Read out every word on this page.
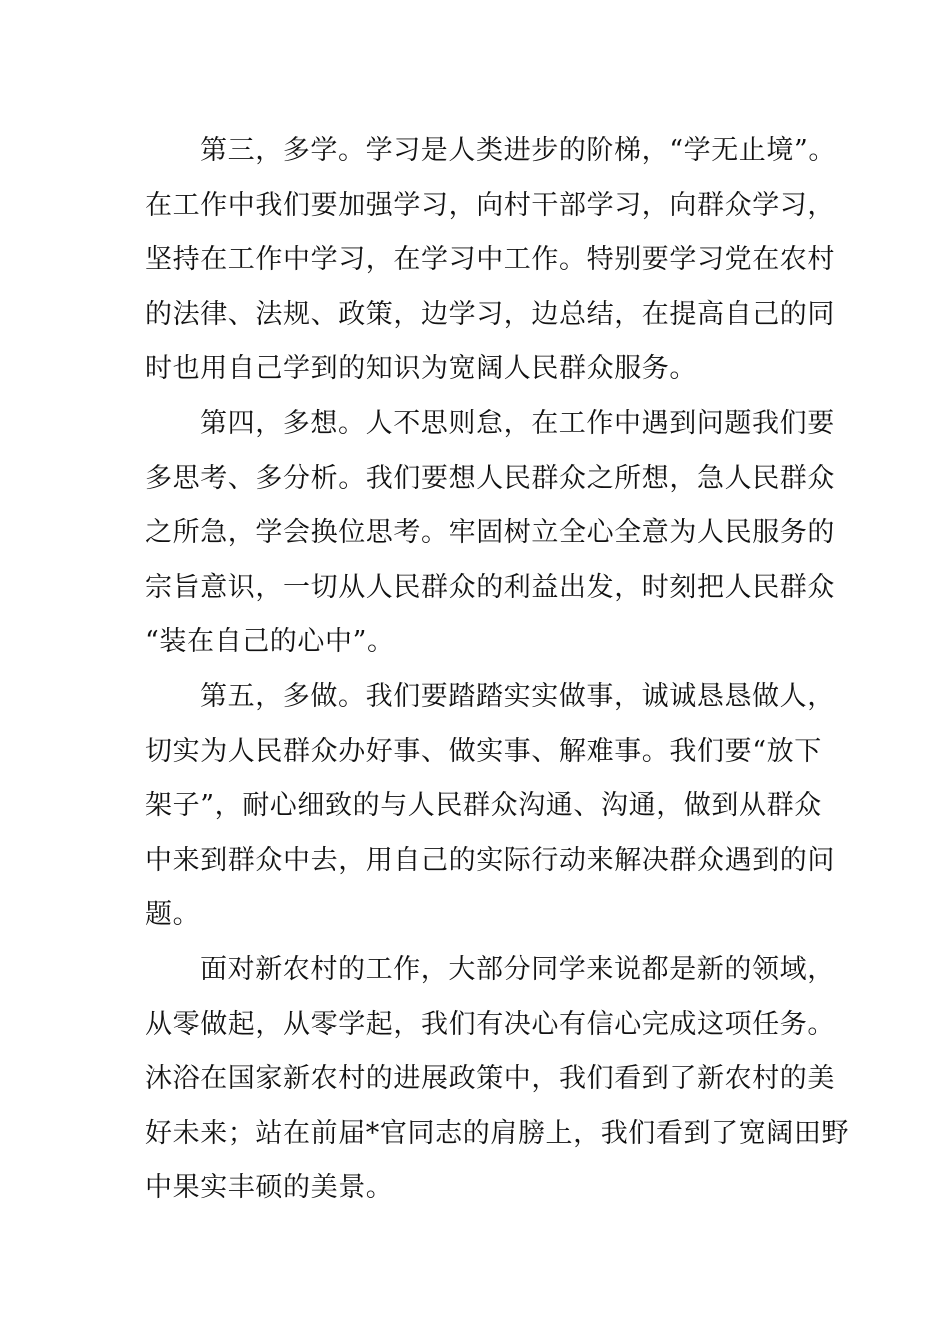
第三，多学。学习是人类进步的阶梯，“学无止境”。
在工作中我们要加强学习，向村干部学习，向群众学习，
坚持在工作中学习，在学习中工作。特别要学习党在农村
的法律、法规、政策，边学习，边总结，在提高自己的同
时也用自己学到的知识为宽阔人民群众服务。
第四，多想。人不思则怠，在工作中遇到问题我们要
多思考、多分析。我们要想人民群众之所想，急人民群众
之所急，学会换位思考。牢固树立全心全意为人民服务的
宗旨意识，一切从人民群众的利益出发，时刻把人民群众
“装在自己的心中”。
第五，多做。我们要踏踏实实做事，诚诚恳恳做人，
切实为人民群众办好事、做实事、解难事。我们要“放下
架子”，耐心细致的与人民群众沟通、沟通，做到从群众
中来到群众中去，用自己的实际行动来解决群众遇到的问
题。
面对新农村的工作，大部分同学来说都是新的领域，
从零做起，从零学起，我们有决心有信心完成这项任务。
沐浴在国家新农村的进展政策中，我们看到了新农村的美
好未来；站在前届*官同志的肩膀上，我们看到了宽阔田野
中果实丰硕的美景。
